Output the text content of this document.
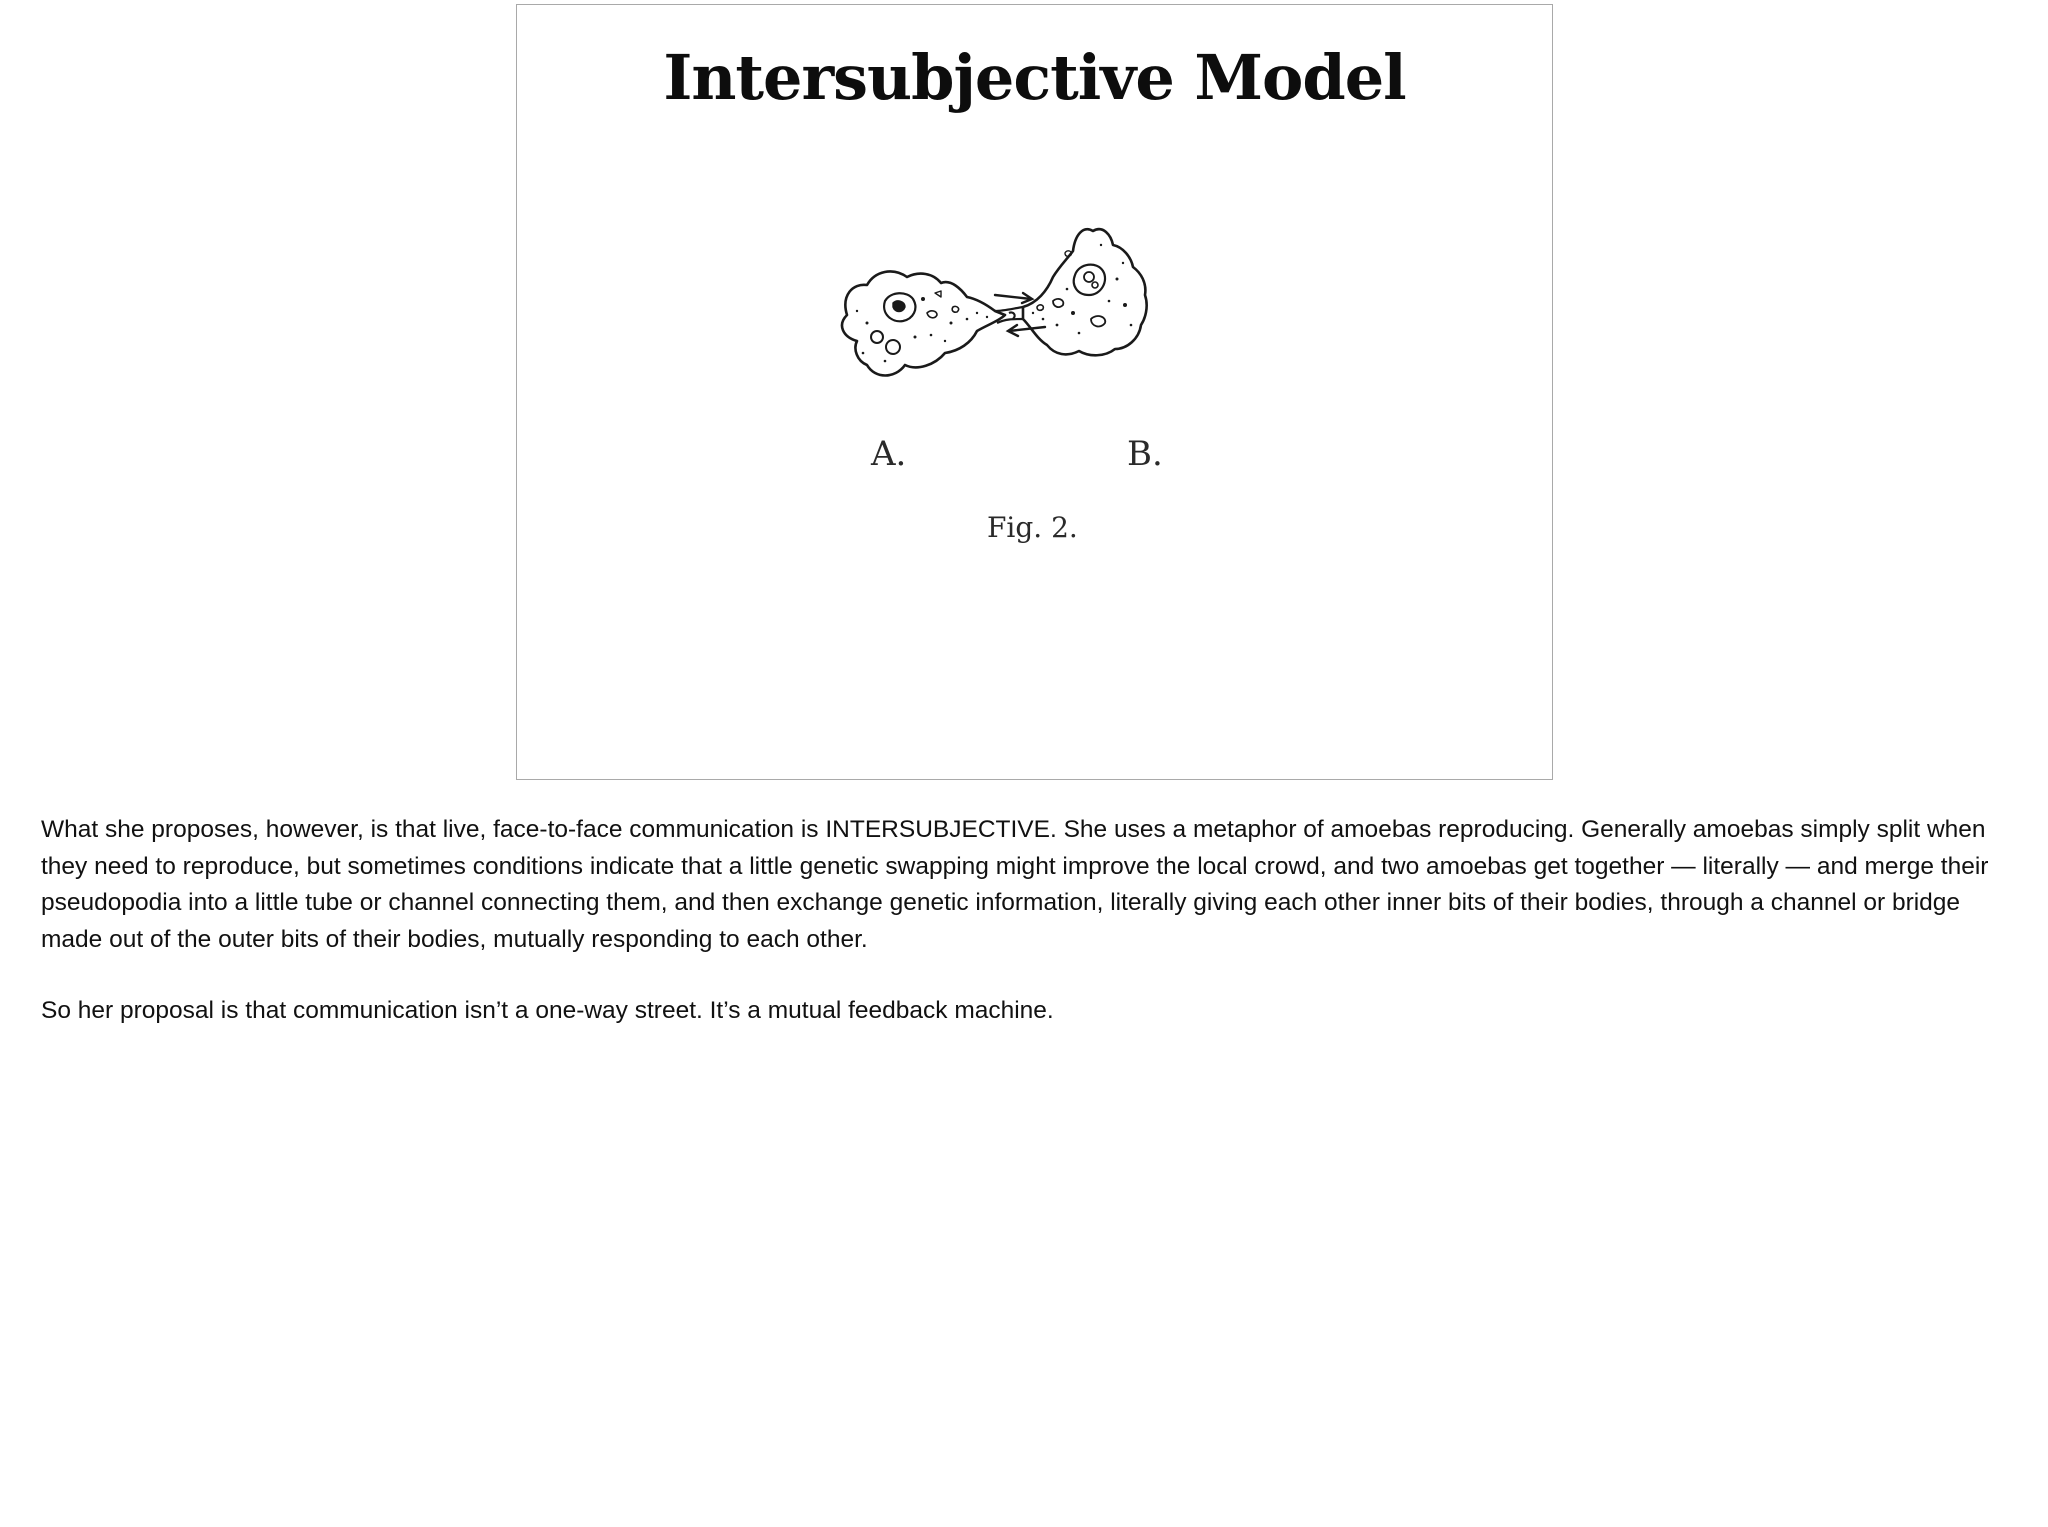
Intersubjective Model
A.	B.
Fig. 2.

What she proposes, however, is that live, face-to-face communication is INTERSUBJECTIVE. She uses a metaphor of amoebas reproducing. Generally amoebas simply split when they need to reproduce, but sometimes conditions indicate that a little genetic swapping might improve the local crowd, and two amoebas get together — literally — and merge their pseudopodia into a little tube or channel connecting them, and then exchange genetic information, literally giving each other inner bits of their bodies, through a channel or bridge made out of the outer bits of their bodies, mutually responding to each other.

So her proposal is that communication isn’t a one-way street. It’s a mutual feedback machine.
